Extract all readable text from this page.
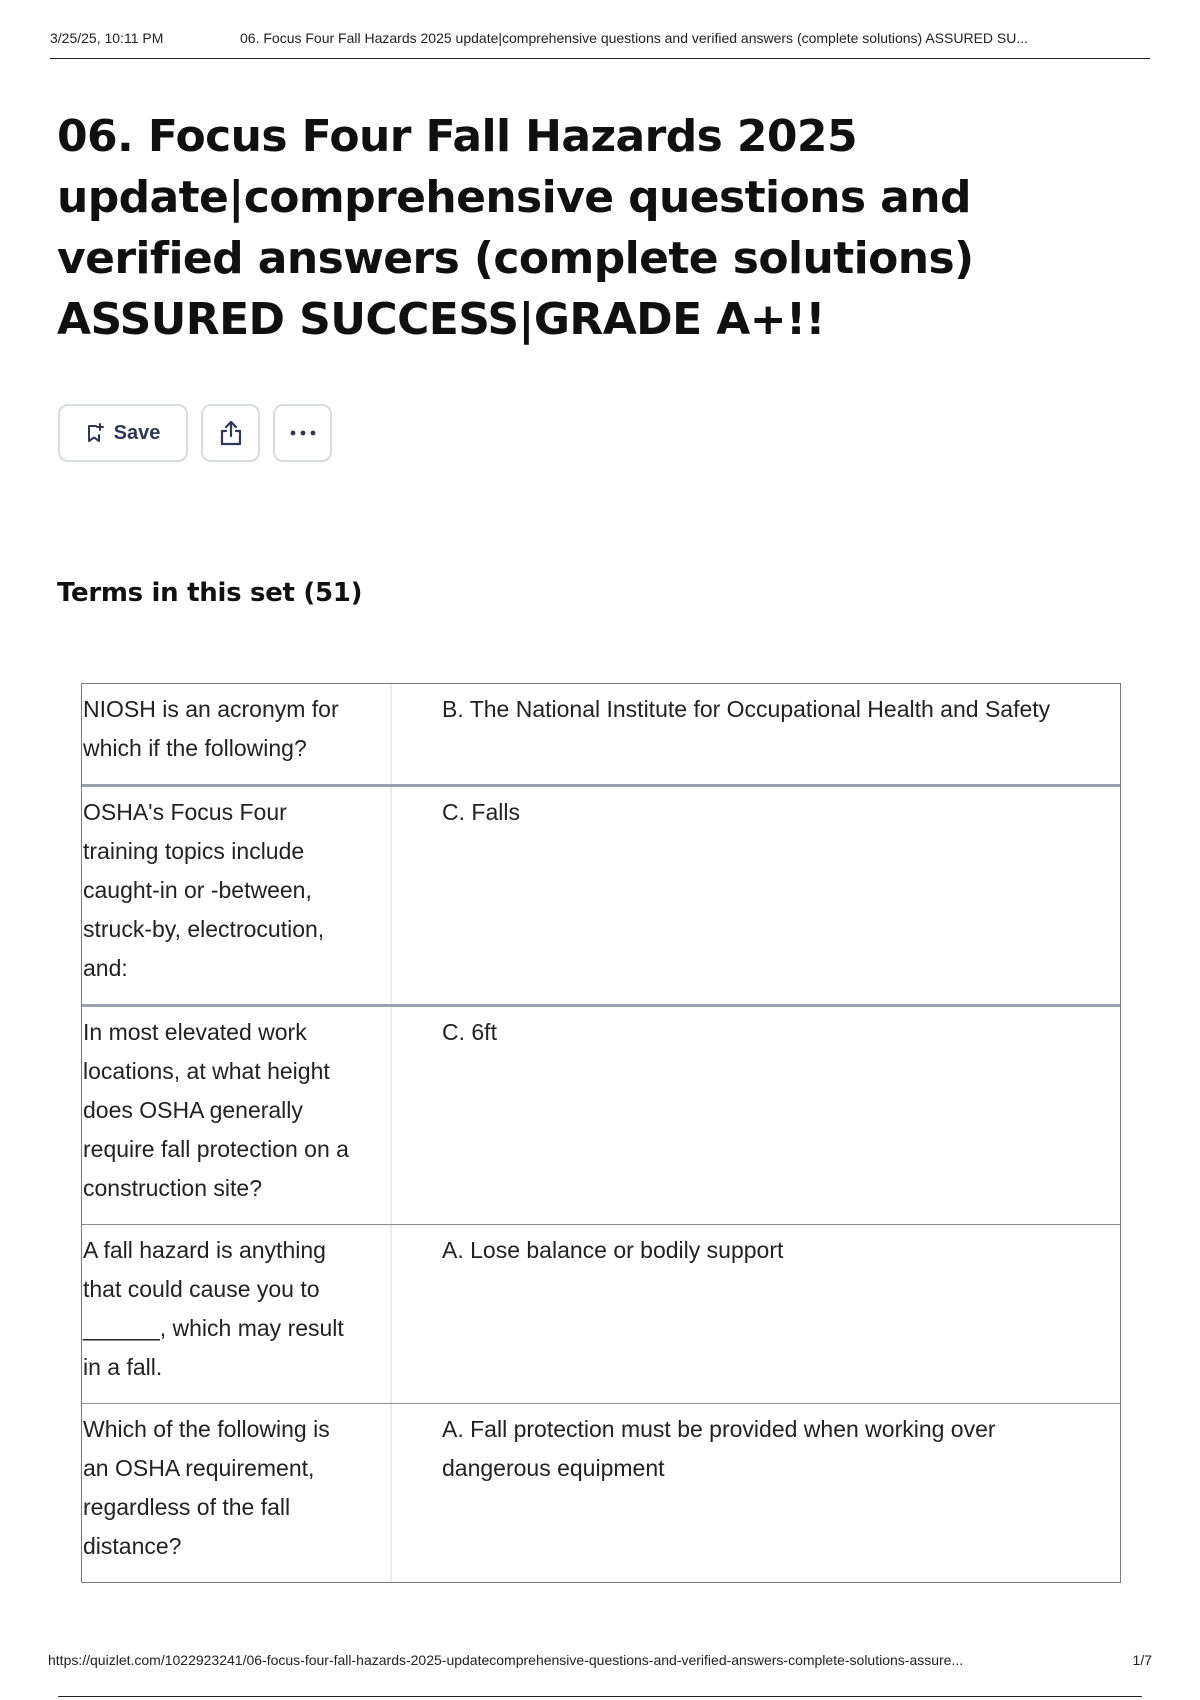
3/25/25, 10:11 PM	06. Focus Four Fall Hazards 2025 update|comprehensive questions and verified answers (complete solutions) ASSURED SU...
06. Focus Four Fall Hazards 2025 update|comprehensive questions and verified answers (complete solutions) ASSURED SUCCESS|GRADE A+!!
Save
Terms in this set (51)
NIOSH is an acronym for which if the following?
B. The National Institute for Occupational Health and Safety
OSHA's Focus Four training topics include caught-in or -between, struck-by, electrocution, and:
C. Falls
In most elevated work locations, at what height does OSHA generally require fall protection on a construction site?
C. 6ft
A fall hazard is anything that could cause you to ______, which may result in a fall.
A. Lose balance or bodily support
Which of the following is an OSHA requirement, regardless of the fall distance?
A. Fall protection must be provided when working over dangerous equipment
https://quizlet.com/1022923241/06-focus-four-fall-hazards-2025-updatecomprehensive-questions-and-verified-answers-complete-solutions-assure...	1/7
